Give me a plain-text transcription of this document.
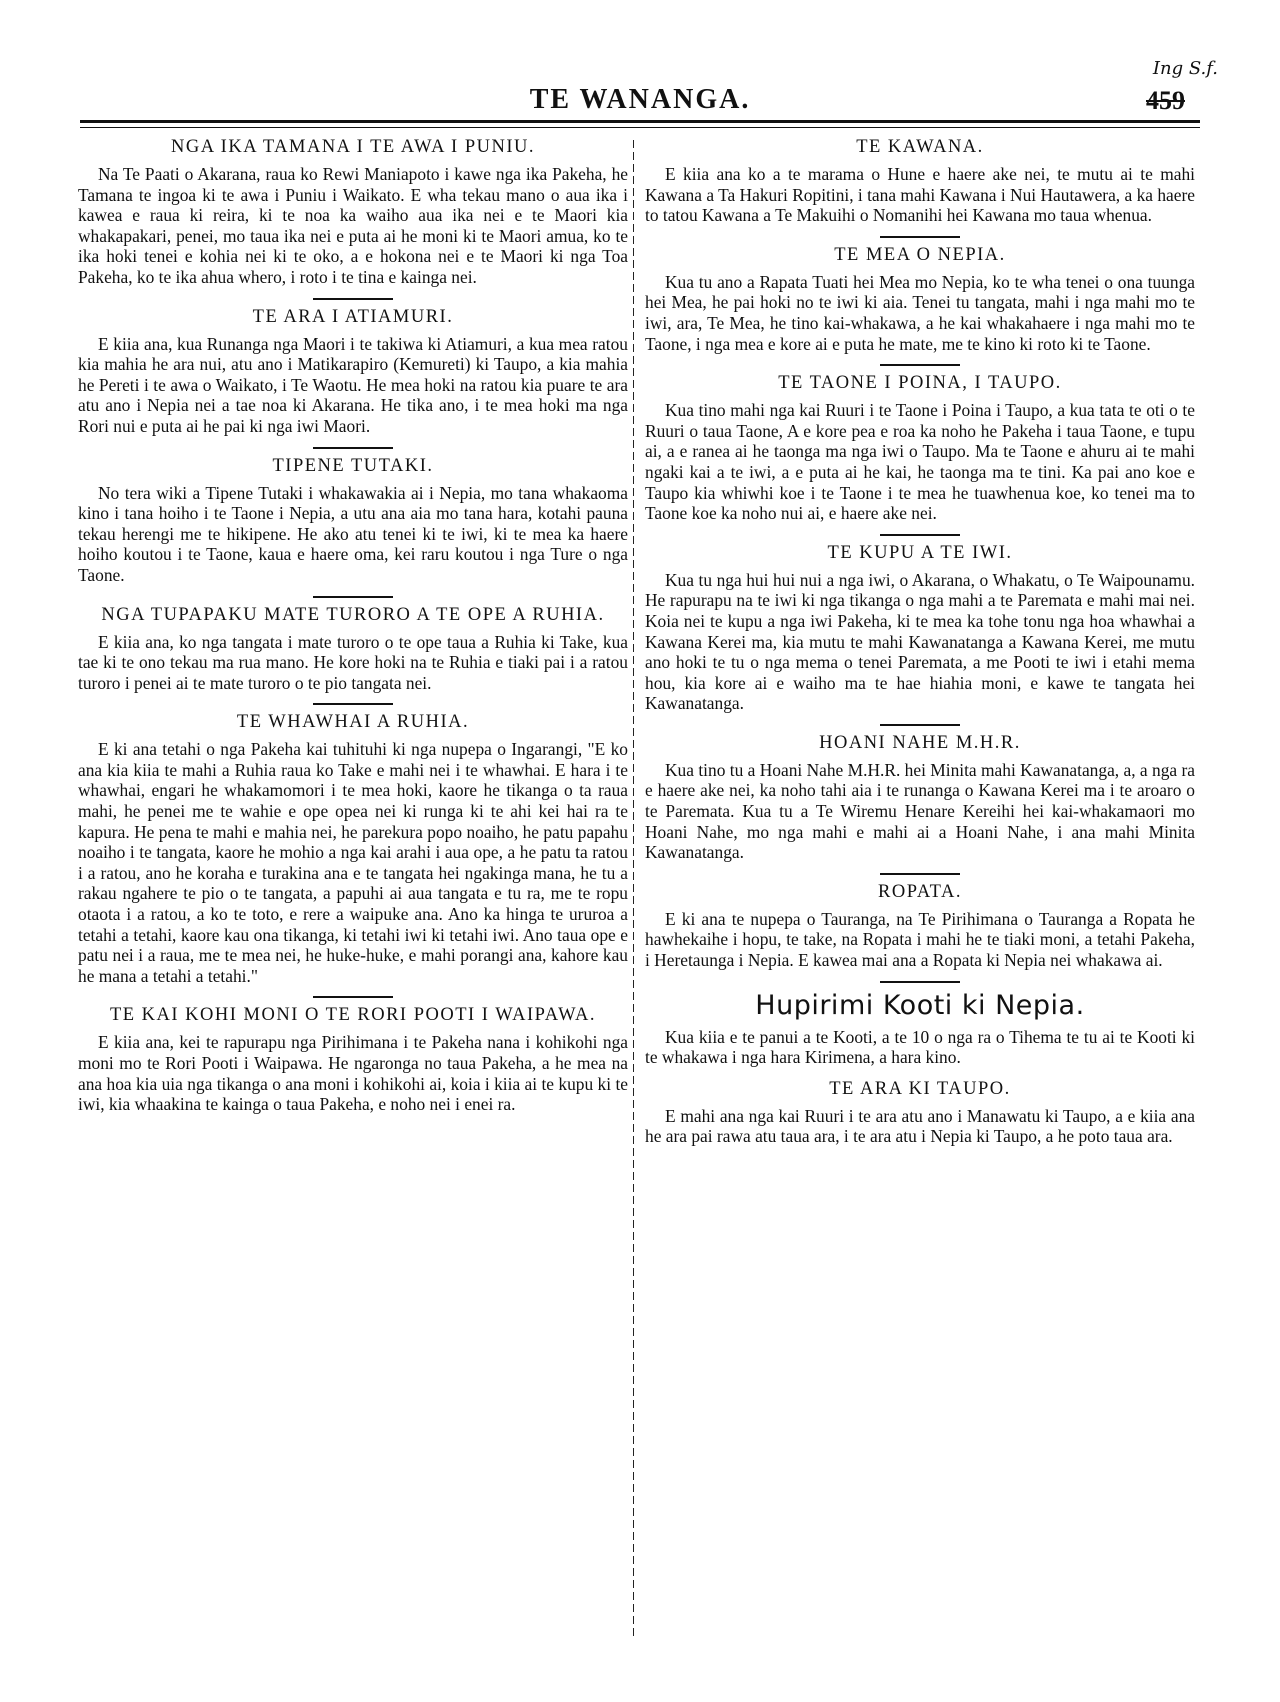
TE WANANGA.	459
Ing S.f.
NGA IKA TAMANA I TE AWA I PUNIU.

Na Te Paati o Akarana, raua ko Rewi Maniapoto i kawe nga ika Pakeha, he Tamana te ingoa ki te awa i Puniu i Waikato. E wha tekau mano o aua ika i kawea e raua ki reira, ki te noa ka waiho aua ika nei e te Maori kia whakapakari, penei, mo taua ika nei e puta ai he moni ki te Maori amua, ko te ika hoki tenei e kohia nei ki te oko, a e hokona nei e te Maori ki nga Toa Pakeha, ko te ika ahua whero, i roto i te tina e kainga nei.

TE ARA I ATIAMURI.

E kiia ana, kua Runanga nga Maori i te takiwa ki Atiamuri, a kua mea ratou kia mahia he ara nui, atu ano i Matikarapiro (Kemureti) ki Taupo, a kia mahia he Pereti i te awa o Waikato, i Te Waotu. He mea hoki na ratou kia puare te ara atu ano i Nepia nei a tae noa ki Akarana. He tika ano, i te mea hoki ma nga Rori nui e puta ai he pai ki nga iwi Maori.

TIPENE TUTAKI.

No tera wiki a Tipene Tutaki i whakawakia ai i Nepia, mo tana whakaoma kino i tana hoiho i te Taone i Nepia, a utu ana aia mo tana hara, kotahi pauna tekau herengi me te hikipene. He ako atu tenei ki te iwi, ki te mea ka haere hoiho koutou i te Taone, kaua e haere oma, kei raru koutou i nga Ture o nga Taone.

NGA TUPAPAKU MATE TURORO A TE OPE A RUHIA.

E kiia ana, ko nga tangata i mate turoro o te ope taua a Ruhia ki Take, kua tae ki te ono tekau ma rua mano. He kore hoki na te Ruhia e tiaki pai i a ratou turoro i penei ai te mate turoro o te pio tangata nei.

TE WHAWHAI A RUHIA.

E ki ana tetahi o nga Pakeha kai tuhituhi ki nga nupepa o Ingarangi, "E ko ana kia kiia te mahi a Ruhia raua ko Take e mahi nei i te whawhai. E hara i te whawhai, engari he whakamomori i te mea hoki, kaore he tikanga o ta raua mahi, he penei me te wahie e ope opea nei ki runga ki te ahi kei hai ra te kapura. He pena te mahi e mahia nei, he parekura popo noaiho, he patu papahu noaiho i te tangata, kaore he mohio a nga kai arahi i aua ope, a he patu ta ratou i a ratou, ano he koraha e turakina ana e te tangata hei ngakinga mana, he tu a rakau ngahere te pio o te tangata, a papuhi ai aua tangata e tu ra, me te ropu otaota i a ratou, a ko te toto, e rere a waipuke ana. Ano ka hinga te ururoa a tetahi a tetahi, kaore kau ona tikanga, ki tetahi iwi ki tetahi iwi. Ano taua ope e patu nei i a raua, me te mea nei, he huke-huke, e mahi porangi ana, kahore kau he mana a tetahi a tetahi."

TE KAI KOHI MONI O TE RORI POOTI I WAIPAWA.

E kiia ana, kei te rapurapu nga Pirihimana i te Pakeha nana i kohikohi nga moni mo te Rori Pooti i Waipawa. He ngaronga no taua Pakeha, a he mea na ana hoa kia uia nga tikanga o ana moni i kohikohi ai, koia i kiia ai te kupu ki te iwi, kia whaakina te kainga o taua Pakeha, e noho nei i enei ra.

TE KAWANA.

E kiia ana ko a te marama o Hune e haere ake nei, te mutu ai te mahi Kawana a Ta Hakuri Ropitini, i tana mahi Kawana i Nui Hautawera, a ka haere to tatou Kawana a Te Makuihi o Nomanihi hei Kawana mo taua whenua.

TE MEA O NEPIA.

Kua tu ano a Rapata Tuati hei Mea mo Nepia, ko te wha tenei o ona tuunga hei Mea, he pai hoki no te iwi ki aia. Tenei tu tangata, mahi i nga mahi mo te iwi, ara, Te Mea, he tino kai-whakawa, a he kai whakahaere i nga mahi mo te Taone, i nga mea e kore ai e puta he mate, me te kino ki roto ki te Taone.

TE TAONE I POINA, I TAUPO.

Kua tino mahi nga kai Ruuri i te Taone i Poina i Taupo, a kua tata te oti o te Ruuri o taua Taone, A e kore pea e roa ka noho he Pakeha i taua Taone, e tupu ai, a e ranea ai he taonga ma nga iwi o Taupo. Ma te Taone e ahuru ai te mahi ngaki kai a te iwi, a e puta ai he kai, he taonga ma te tini. Ka pai ano koe e Taupo kia whiwhi koe i te Taone i te mea he tuawhenua koe, ko tenei ma to Taone koe ka noho nui ai, e haere ake nei.

TE KUPU A TE IWI.

Kua tu nga hui hui nui a nga iwi, o Akarana, o Whakatu, o Te Waipounamu. He rapurapu na te iwi ki nga tikanga o nga mahi a te Paremata e mahi mai nei. Koia nei te kupu a nga iwi Pakeha, ki te mea ka tohe tonu nga hoa whawhai a Kawana Kerei ma, kia mutu te mahi Kawanatanga a Kawana Kerei, me mutu ano hoki te tu o nga mema o tenei Paremata, a me Pooti te iwi i etahi mema hou, kia kore ai e waiho ma te hae hiahia moni, e kawe te tangata hei Kawanatanga.

HOANI NAHE M.H.R.

Kua tino tu a Hoani Nahe M.H.R. hei Minita mahi Kawanatanga, a, a nga ra e haere ake nei, ka noho tahi aia i te runanga o Kawana Kerei ma i te aroaro o te Paremata. Kua tu a Te Wiremu Henare Kereihi hei kai-whakamaori mo Hoani Nahe, mo nga mahi e mahi ai a Hoani Nahe, i ana mahi Minita Kawanatanga.

ROPATA.

E ki ana te nupepa o Tauranga, na Te Pirihimana o Tauranga a Ropata he hawhekaihe i hopu, te take, na Ropata i mahi he te tiaki moni, a tetahi Pakeha, i Heretaunga i Nepia. E kawea mai ana a Ropata ki Nepia nei whakawa ai.

Hupirimi Kooti ki Nepia.

Kua kiia e te panui a te Kooti, a te 10 o nga ra o Tihema te tu ai te Kooti ki te whakawa i nga hara Kirimena, a hara kino.

TE ARA KI TAUPO.

E mahi ana nga kai Ruuri i te ara atu ano i Manawatu ki Taupo, a e kiia ana he ara pai rawa atu taua ara, i te ara atu i Nepia ki Taupo, a he poto taua ara.
